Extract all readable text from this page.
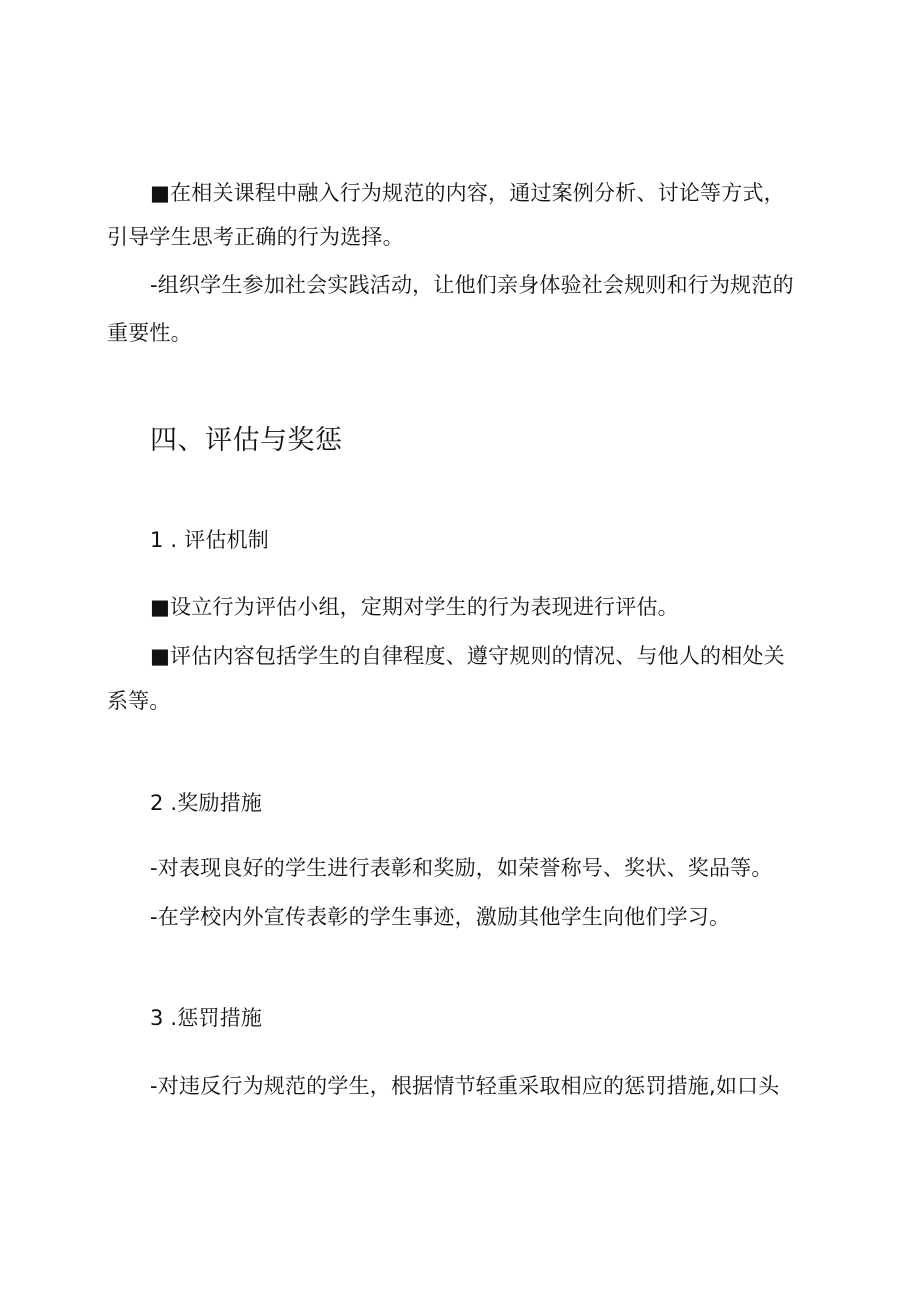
■在相关课程中融入行为规范的内容，通过案例分析、讨论等方式，
引导学生思考正确的行为选择。
-组织学生参加社会实践活动，让他们亲身体验社会规则和行为规范的
重要性。
四、评估与奖惩
1 . 评估机制
■设立行为评估小组，定期对学生的行为表现进行评估。
■评估内容包括学生的自律程度、遵守规则的情况、与他人的相处关
系等。
2 .奖励措施
-对表现良好的学生进行表彰和奖励，如荣誉称号、奖状、奖品等。
-在学校内外宣传表彰的学生事迹，激励其他学生向他们学习。
3 .惩罚措施
-对违反行为规范的学生，根据情节轻重采取相应的惩罚措施,如口头
